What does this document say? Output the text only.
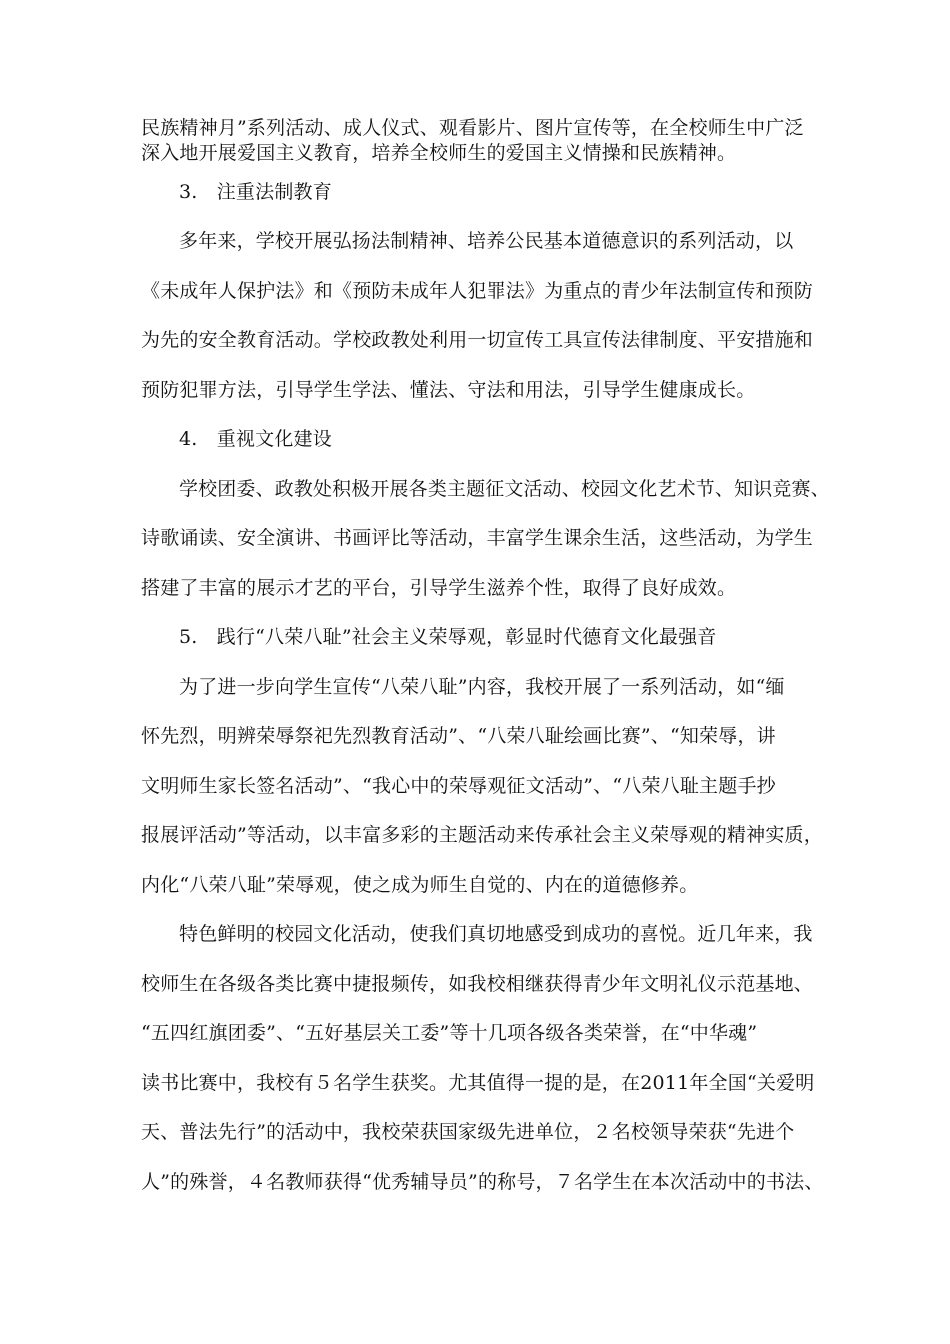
民族精神月”系列活动、成人仪式、观看影片、图片宣传等，在全校师生中广泛
深入地开展爱国主义教育，培养全校师生的爱国主义情操和民族精神。
3.　注重法制教育
多年来，学校开展弘扬法制精神、培养公民基本道德意识的系列活动，以
《未成年人保护法》和《预防未成年人犯罪法》为重点的青少年法制宣传和预防
为先的安全教育活动。学校政教处利用一切宣传工具宣传法律制度、平安措施和
预防犯罪方法，引导学生学法、懂法、守法和用法，引导学生健康成长。
4.　重视文化建设
学校团委、政教处积极开展各类主题征文活动、校园文化艺术节、知识竞赛、
诗歌诵读、安全演讲、书画评比等活动，丰富学生课余生活，这些活动，为学生
搭建了丰富的展示才艺的平台，引导学生滋养个性，取得了良好成效。
5.　践行“八荣八耻”社会主义荣辱观，彰显时代德育文化最强音
为了进一步向学生宣传“八荣八耻”内容，我校开展了一系列活动，如“缅
怀先烈，明辨荣辱祭祀先烈教育活动”、“八荣八耻绘画比赛”、“知荣辱，讲
文明师生家长签名活动”、“我心中的荣辱观征文活动”、“八荣八耻主题手抄
报展评活动”等活动，以丰富多彩的主题活动来传承社会主义荣辱观的精神实质，
内化“八荣八耻”荣辱观，使之成为师生自觉的、内在的道德修养。
特色鲜明的校园文化活动，使我们真切地感受到成功的喜悦。近几年来，我
校师生在各级各类比赛中捷报频传，如我校相继获得青少年文明礼仪示范基地、
“五四红旗团委”、“五好基层关工委”等十几项各级各类荣誉，在“中华魂”
读书比赛中，我校有５名学生获奖。尤其值得一提的是，在2011年全国“关爱明
天、普法先行”的活动中，我校荣获国家级先进单位，２名校领导荣获“先进个
人”的殊誉，４名教师获得“优秀辅导员”的称号，７名学生在本次活动中的书法、
